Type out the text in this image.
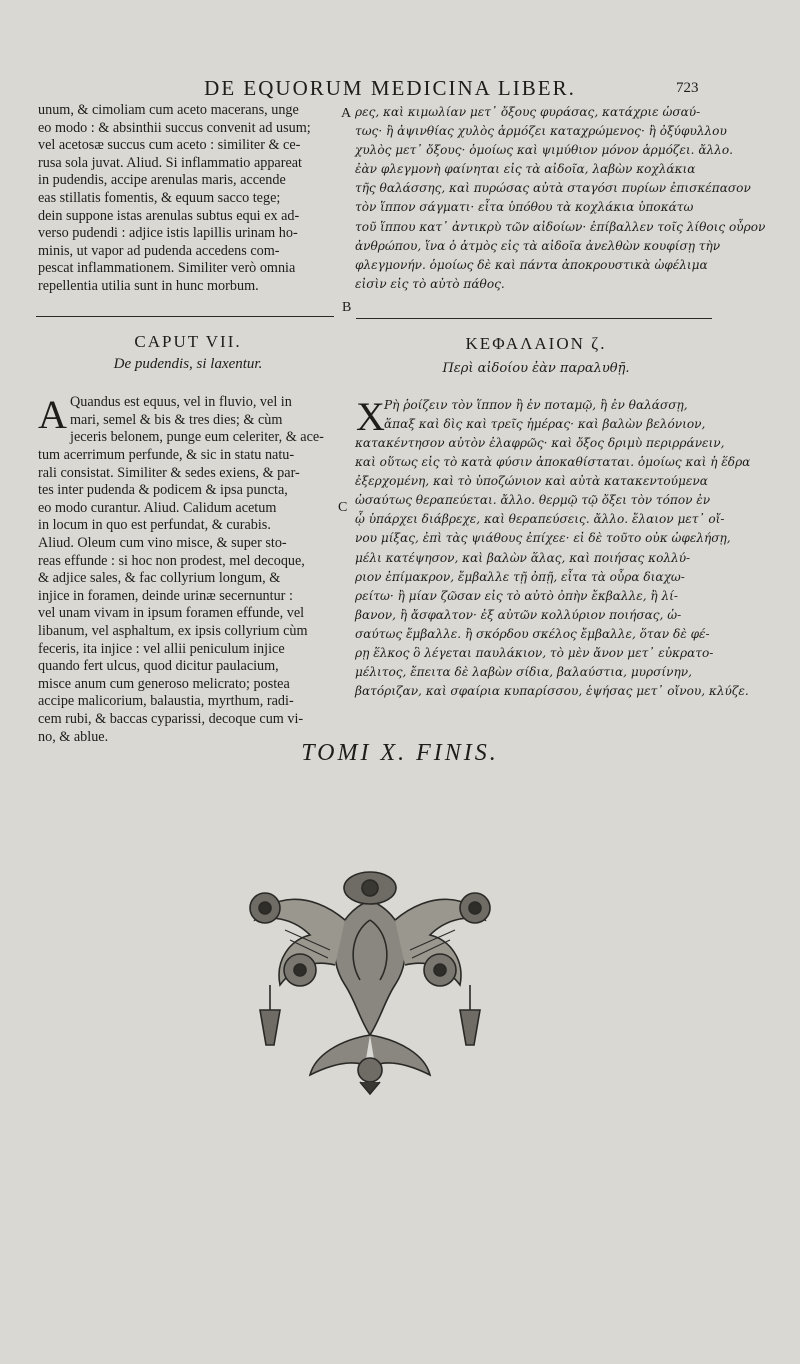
DE EQUORUM MEDICINA LIBER.	723
unum, & cimoliam cum aceto macerans, unge
eo modo : & absinthii succus convenit ad usum;
vel acetosæ succus cum aceto : similiter & ce-
rusa sola juvat. Aliud. Si inflammatio appareat
in pudendis, accipe arenulas maris, accende
eas stillatis fomentis, & equum sacco tege;
dein suppone istas arenulas subtus equi ex ad-
verso pudendi : adjice istis lapillis urinam ho-
minis, ut vapor ad pudenda accedens com-
pescat inflammationem. Similiter verò omnia
repellentia utilia sunt in hunc morbum.
A ρες, καὶ κιμωλίαν μετ᾽ ὄξους φυράσας, κατάχριε ὡσαύ-
τως· ἢ ἀψινθίας χυλὸς ἁρμόζει καταχρώμενος· ἢ ὀξύφυλλου
χυλὸς μετ᾽ ὄξους· ὁμοίως καὶ ψιμύθιον μόνον ἁρμόζει. ἄλλο.
ἐὰν φλεγμονὴ φαίνηται εἰς τὰ αἰδοῖα, λαβὼν κοχλάκια
τῆς θαλάσσης, καὶ πυρώσας αὐτὰ σταγόσι πυρίων ἐπισκέπασον
τὸν ἵππον σάγματι· εἶτα ὑπόθου τὰ κοχλάκια ὑποκάτω
τοῦ ἵππου κατ᾽ ἀντικρὺ τῶν αἰδοίων· ἐπίβαλλεν τοῖς λίθοις οὖρον
ἀνθρώπου, ἵνα ὁ ἀτμὸς εἰς τὰ αἰδοῖα ἀνελθὼν κουφίσῃ τὴν
φλεγμονήν. ὁμοίως δὲ καὶ πάντα ἀποκρουστικὰ ὠφέλιμα
εἰσὶν εἰς τὸ αὐτὸ πάθος.
B
CAPUT VII.
De pudendis, si laxentur.
ΚΕΦΑΛΑΙΟΝ ζ.
Περὶ αἰδοίου ἐὰν παραλυθῇ.
A Quandus est equus, vel in fluvio, vel in
mari, semel & bis & tres dies; & cùm
jeceris belonem, punge eum celeriter, & ace-
tum acerrimum perfunde, & sic in statu natu-
rali consistat. Similiter & sedes exiens, & par-
tes inter pudenda & podicem & ipsa puncta,
eo modo curantur. Aliud. Calidum acetum
in locum in quo est perfundat, & curabis.
Aliud. Oleum cum vino misce, & super sto-
reas effunde : si hoc non prodest, mel decoque,
& adjice sales, & fac collyrium longum, &
injice in foramen, deinde urinæ secernuntur :
vel unam vivam in ipsum foramen effunde, vel
libanum, vel asphaltum, ex ipsis collyrium cùm
feceris, ita injice : vel allii peniculum injice
quando fert ulcus, quod dicitur paulacium,
misce anum cum generoso melicrato; postea
accipe malicorium, balaustia, myrthum, radi-
cem rubi, & baccas cyparissi, decoque cum vi-
no, & ablue.
C
Χ Ρὴ ῥοίζειν τὸν ἵππον ἢ ἐν ποταμῷ, ἢ ἐν θαλάσσῃ,
ἅπαξ καὶ δὶς καὶ τρεῖς ἡμέρας· καὶ βαλὼν βελόνιον,
κατακέντησον αὐτὸν ἐλαφρῶς· καὶ ὄξος δριμὺ περιρράνειν,
καὶ οὕτως εἰς τὸ κατὰ φύσιν ἀποκαθίσταται. ὁμοίως καὶ ἡ ἕδρα
ἐξερχομένη, καὶ τὸ ὑποζώνιον καὶ αὐτὰ κατακεντούμενα
ὡσαύτως θεραπεύεται. ἄλλο. θερμῷ τῷ ὄξει τὸν τόπον ἐν
ᾧ ὑπάρχει διάβρεχε, καὶ θεραπεύσεις. ἄλλο. ἔλαιον μετ᾽ οἴ-
νου μίξας, ἐπὶ τὰς ψιάθους ἐπίχεε· εἰ δὲ τοῦτο οὐκ ὠφελήσῃ,
μέλι κατέψησον, καὶ βαλὼν ἅλας, καὶ ποιήσας κολλύ-
ριον ἐπίμακρον, ἔμβαλλε τῇ ὀπῇ, εἶτα τὰ οὖρα διαχω-
ρείτω· ἢ μίαν ζῶσαν εἰς τὸ αὐτὸ ὀπὴν ἔκβαλλε, ἢ λί-
βανον, ἢ ἄσφαλτον· ἐξ αὐτῶν κολλύριον ποιήσας, ὡ-
σαύτως ἔμβαλλε. ἢ σκόρδου σκέλος ἔμβαλλε, ὅταν δὲ φέ-
ρῃ ἕλκος ὃ λέγεται παυλάκιον, τὸ μὲν ἄνον μετ᾽ εὐκρατο-
μέλιτος, ἔπειτα δὲ λαβὼν σίδια, βαλαύστια, μυρσίνην,
βατόριζαν, καὶ σφαίρια κυπαρίσσου, ἑψήσας μετ᾽ οἴνου, κλύζε.
TOMI X. FINIS.
